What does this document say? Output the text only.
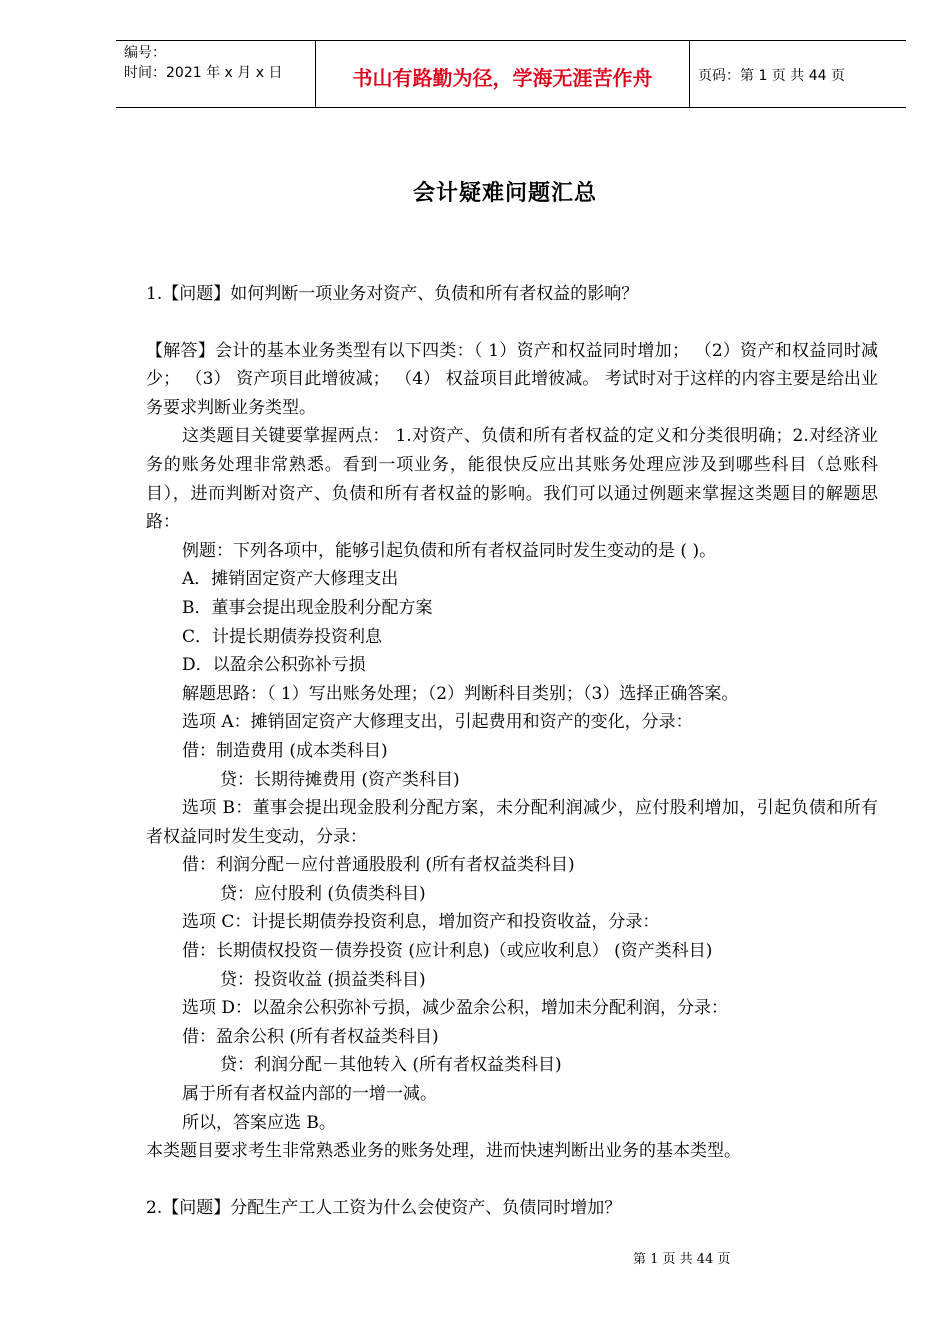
编号：
时间：2021 年 x 月 x 日	书山有路勤为径，学海无涯苦作舟	页码：第 1 页 共 44 页
会计疑难问题汇总

1.【问题】如何判断一项业务对资产、负债和所有者权益的影响？

【解答】会计的基本业务类型有以下四类：（ 1）资产和权益同时增加； （2）资产和权益同时减少； （3） 资产项目此增彼减； （4） 权益项目此增彼减。 考试时对于这样的内容主要是给出业务要求判断业务类型。

这类题目关键要掌握两点： 1.对资产、负债和所有者权益的定义和分类很明确；2.对经济业务的账务处理非常熟悉。看到一项业务，能很快反应出其账务处理应涉及到哪些科目（总账科目），进而判断对资产、负债和所有者权益的影响。我们可以通过例题来掌握这类题目的解题思路：

例题：下列各项中，能够引起负债和所有者权益同时发生变动的是 ( )。

A．摊销固定资产大修理支出

B．董事会提出现金股利分配方案

C．计提长期债券投资利息

D．以盈余公积弥补亏损

解题思路：（ 1）写出账务处理；（2）判断科目类别；（3）选择正确答案。

选项 A：摊销固定资产大修理支出，引起费用和资产的变化，分录：

借：制造费用 (成本类科目)

贷：长期待摊费用 (资产类科目)

选项 B：董事会提出现金股利分配方案，未分配利润减少，应付股利增加，引起负债和所有者权益同时发生变动，分录：

借：利润分配－应付普通股股利 (所有者权益类科目)

贷：应付股利 (负债类科目)

选项 C：计提长期债券投资利息，增加资产和投资收益，分录：

借：长期债权投资－债券投资 (应计利息)（或应收利息） (资产类科目)

贷：投资收益 (损益类科目)

选项 D：以盈余公积弥补亏损，减少盈余公积，增加未分配利润，分录：

借：盈余公积 (所有者权益类科目)

贷：利润分配－其他转入 (所有者权益类科目)

属于所有者权益内部的一增一减。

所以，答案应选 B。

本类题目要求考生非常熟悉业务的账务处理，进而快速判断出业务的基本类型。

2.【问题】分配生产工人工资为什么会使资产、负债同时增加？

第 1 页 共 44 页
